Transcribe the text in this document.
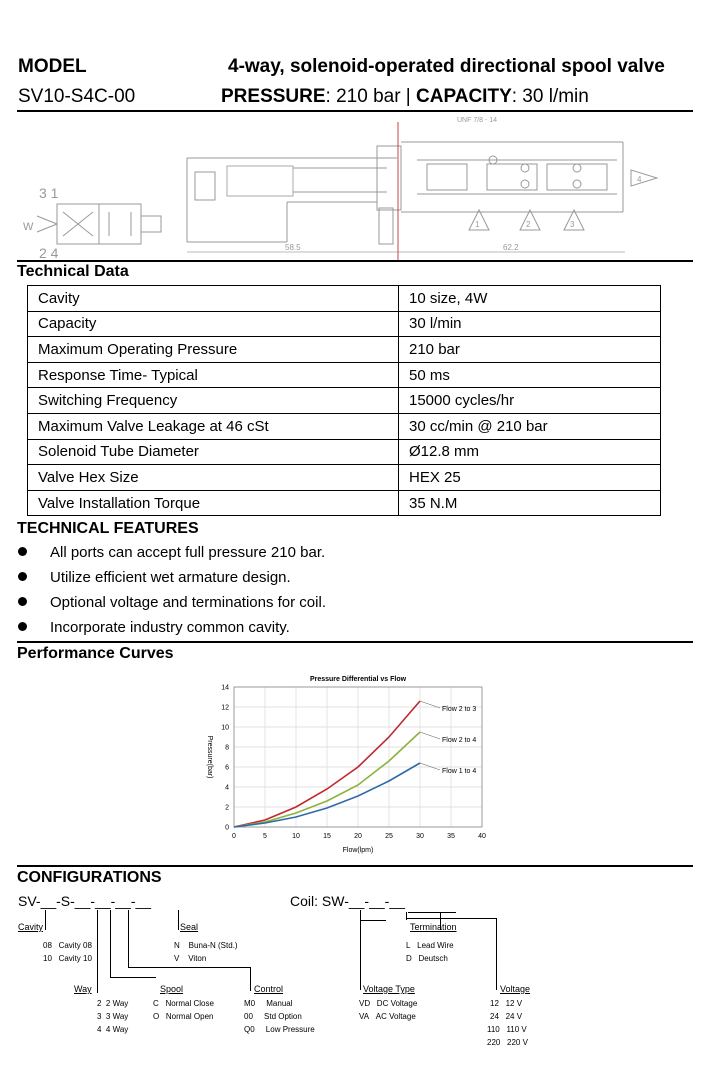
MODEL	4-way, solenoid-operated directional spool valve
SV10-S4C-00	PRESSURE: 210 bar | CAPACITY: 30 l/min
UNF 7/8 - 14
58.5	62.2
1	2	3
4
3 1
2 4
W
Technical Data
Cavity	10 size, 4W
Capacity	30 l/min
Maximum Operating Pressure	210 bar
Response Time- Typical	50 ms
Switching Frequency	15000 cycles/hr
Maximum Valve Leakage at 46 cSt	30 cc/min @ 210 bar
Solenoid Tube Diameter	Ø12.8 mm
Valve Hex Size	HEX 25
Valve Installation Torque	35 N.M
TECHNICAL FEATURES
All ports can accept full pressure 210 bar.
Utilize efficient wet armature design.
Optional voltage and terminations for coil.
Incorporate industry common cavity.
Performance Curves
0	5	10	15	20	25	30	35	40
0
2
4
6
8
10
12
14
Pressure Differential vs Flow
Flow(lpm)
Pressure(bar)
Flow 2 to 3
Flow 2 to 4
Flow 1 to 4
CONFIGURATIONS
SV-__-S-__-__-__-__	Coil: SW-__-__-__
Cavity
08 Cavity 08
10 Cavity 10
Seal
N Buna-N (Std.)
V Viton
Way
2 2 Way
3 3 Way
4 4 Way
Spool
C Normal Close
O Normal Open
Control
M0 Manual
00 Std Option
Q0 Low Pressure
Termination
L Lead Wire
D Deutsch
Voltage Type
VD DC Voltage
VA AC Voltage
Voltage
12 12 V
24 24 V
110 110 V
220 220 V
